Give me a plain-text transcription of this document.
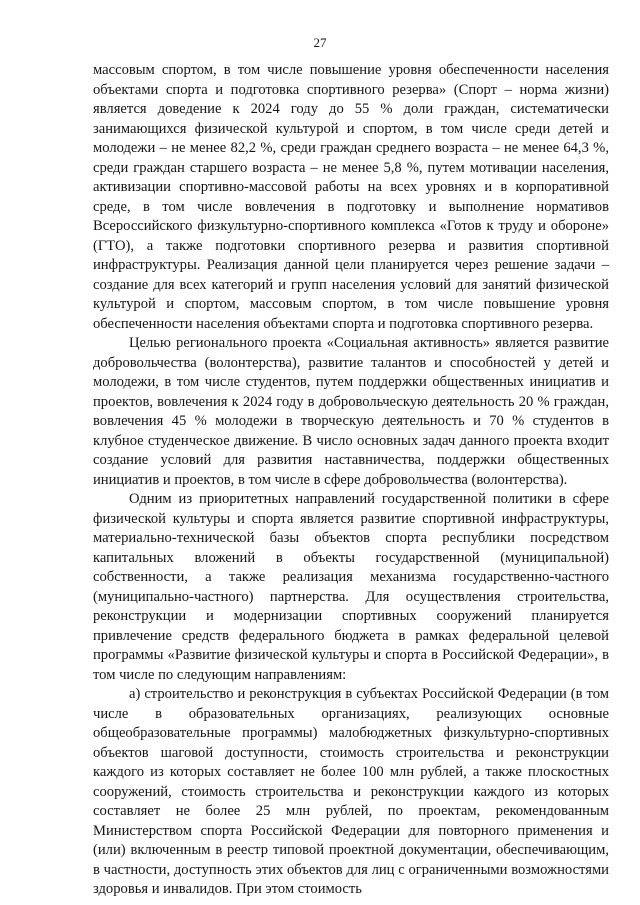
27

массовым спортом, в том числе повышение уровня обеспеченности населения объектами спорта и подготовка спортивного резерва» (Спорт – норма жизни) является доведение к 2024 году до 55 % доли граждан, систематически занимающихся физической культурой и спортом, в том числе среди детей и молодежи – не менее 82,2 %, среди граждан среднего возраста – не менее 64,3 %, среди граждан старшего возраста – не менее 5,8 %, путем мотивации населения, активизации спортивно-массовой работы на всех уровнях и в корпоративной среде, в том числе вовлечения в подготовку и выполнение нормативов Всероссийского физкультурно-спортивного комплекса «Готов к труду и обороне» (ГТО), а также подготовки спортивного резерва и развития спортивной инфраструктуры. Реализация данной цели планируется через решение задачи – создание для всех категорий и групп населения условий для занятий физической культурой и спортом, массовым спортом, в том числе повышение уровня обеспеченности населения объектами спорта и подготовка спортивного резерва.

Целью регионального проекта «Социальная активность» является развитие добровольчества (волонтерства), развитие талантов и способностей у детей и молодежи, в том числе студентов, путем поддержки общественных инициатив и проектов, вовлечения к 2024 году в добровольческую деятельность 20 % граждан, вовлечения 45 % молодежи в творческую деятельность и 70 % студентов в клубное студенческое движение. В число основных задач данного проекта входит создание условий для развития наставничества, поддержки общественных инициатив и проектов, в том числе в сфере добровольчества (волонтерства).

Одним из приоритетных направлений государственной политики в сфере физической культуры и спорта является развитие спортивной инфраструктуры, материально-технической базы объектов спорта республики посредством капитальных вложений в объекты государственной (муниципальной) собственности, а также реализация механизма государственно-частного (муниципально-частного) партнерства. Для осуществления строительства, реконструкции и модернизации спортивных сооружений планируется привлечение средств федерального бюджета в рамках федеральной целевой программы «Развитие физической культуры и спорта в Российской Федерации», в том числе по следующим направлениям:

а) строительство и реконструкция в субъектах Российской Федерации (в том числе в образовательных организациях, реализующих основные общеобразовательные программы) малобюджетных физкультурно-спортивных объектов шаговой доступности, стоимость строительства и реконструкции каждого из которых составляет не более 100 млн рублей, а также плоскостных сооружений, стоимость строительства и реконструкции каждого из которых составляет не более 25 млн рублей, по проектам, рекомендованным Министерством спорта Российской Федерации для повторного применения и (или) включенным в реестр типовой проектной документации, обеспечивающим, в частности, доступность этих объектов для лиц с ограниченными возможностями здоровья и инвалидов. При этом стоимость
